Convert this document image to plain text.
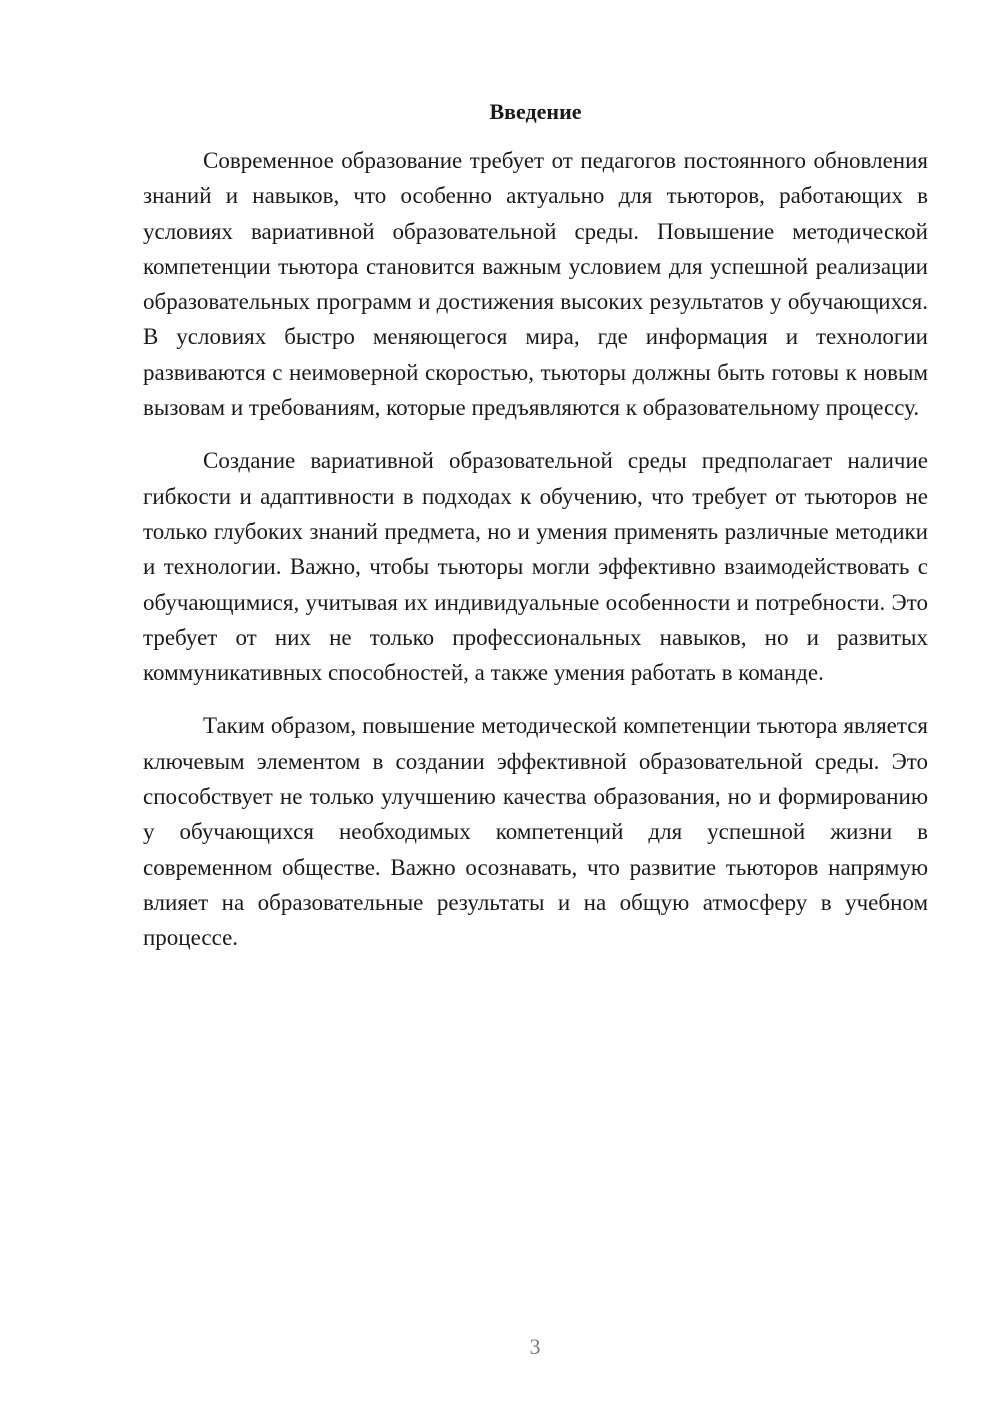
Введение

Современное образование требует от педагогов постоянного обновления знаний и навыков, что особенно актуально для тьюторов, работающих в условиях вариативной образовательной среды. Повышение методической компетенции тьютора становится важным условием для успешной реализации образовательных программ и достижения высоких результатов у обучающихся. В условиях быстро меняющегося мира, где информация и технологии развиваются с неимоверной скоростью, тьюторы должны быть готовы к новым вызовам и требованиям, которые предъявляются к образовательному процессу.

Создание вариативной образовательной среды предполагает наличие гибкости и адаптивности в подходах к обучению, что требует от тьюторов не только глубоких знаний предмета, но и умения применять различные методики и технологии. Важно, чтобы тьюторы могли эффективно взаимодействовать с обучающимися, учитывая их индивидуальные особенности и потребности. Это требует от них не только профессиональных навыков, но и развитых коммуникативных способностей, а также умения работать в команде.

Таким образом, повышение методической компетенции тьютора является ключевым элементом в создании эффективной образовательной среды. Это способствует не только улучшению качества образования, но и формированию у обучающихся необходимых компетенций для успешной жизни в современном обществе. Важно осознавать, что развитие тьюторов напрямую влияет на образовательные результаты и на общую атмосферу в учебном процессе.

3
